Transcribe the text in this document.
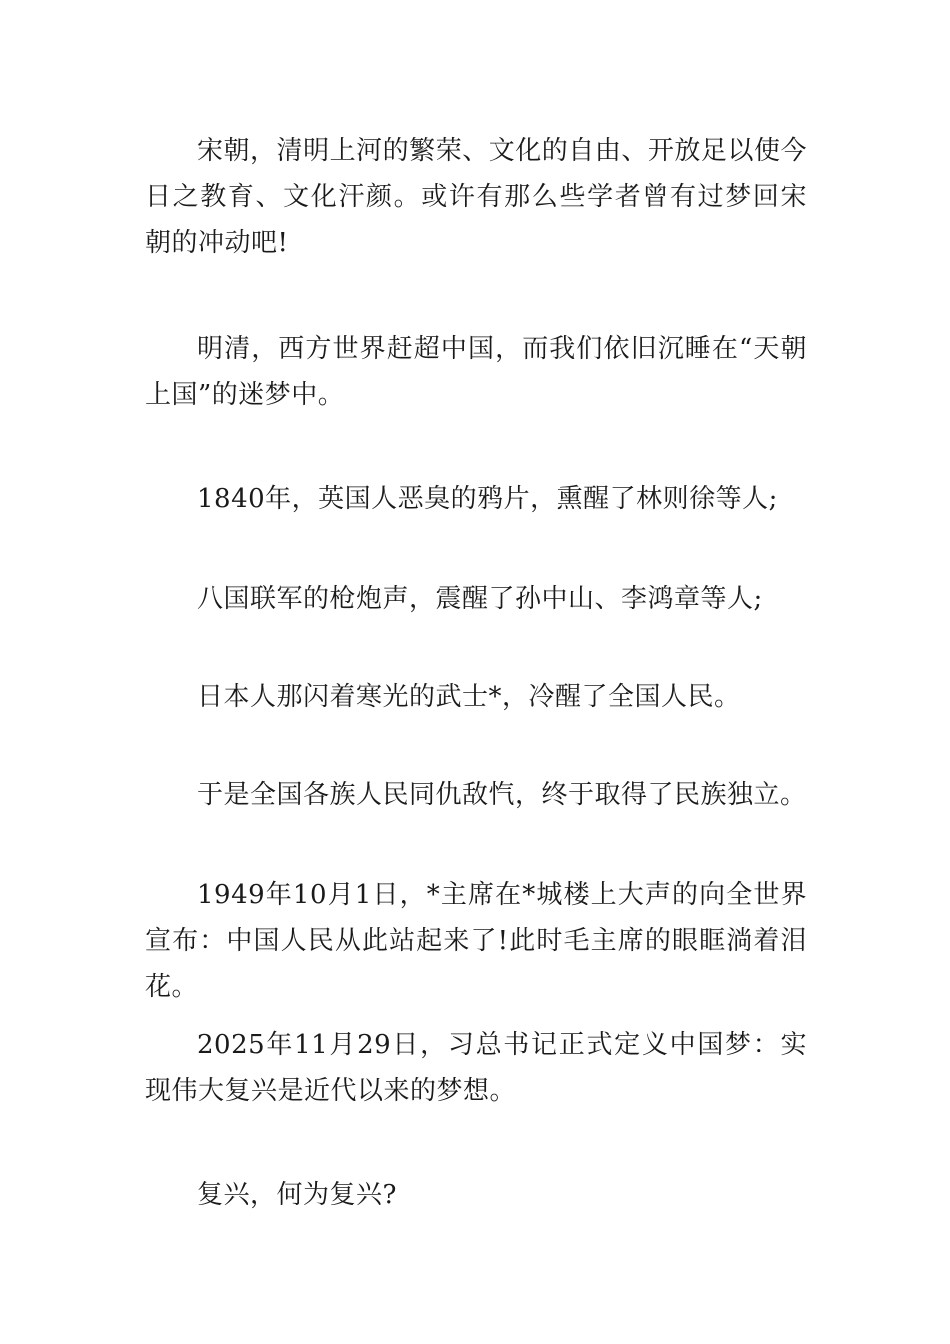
宋朝，清明上河的繁荣、文化的自由、开放足以使今日之教育、文化汗颜。或许有那么些学者曾有过梦回宋朝的冲动吧!

明清，西方世界赶超中国，而我们依旧沉睡在“天朝上国”的迷梦中。

1840年，英国人恶臭的鸦片，熏醒了林则徐等人;

八国联军的枪炮声，震醒了孙中山、李鸿章等人;

日本人那闪着寒光的武士*，冷醒了全国人民。

于是全国各族人民同仇敌忾，终于取得了民族独立。

1949年10月1日，*主席在*城楼上大声的向全世界宣布：中国人民从此站起来了!此时毛主席的眼眶淌着泪花。

2025年11月29日，习总书记正式定义中国梦：实现伟大复兴是近代以来的梦想。

复兴，何为复兴?
